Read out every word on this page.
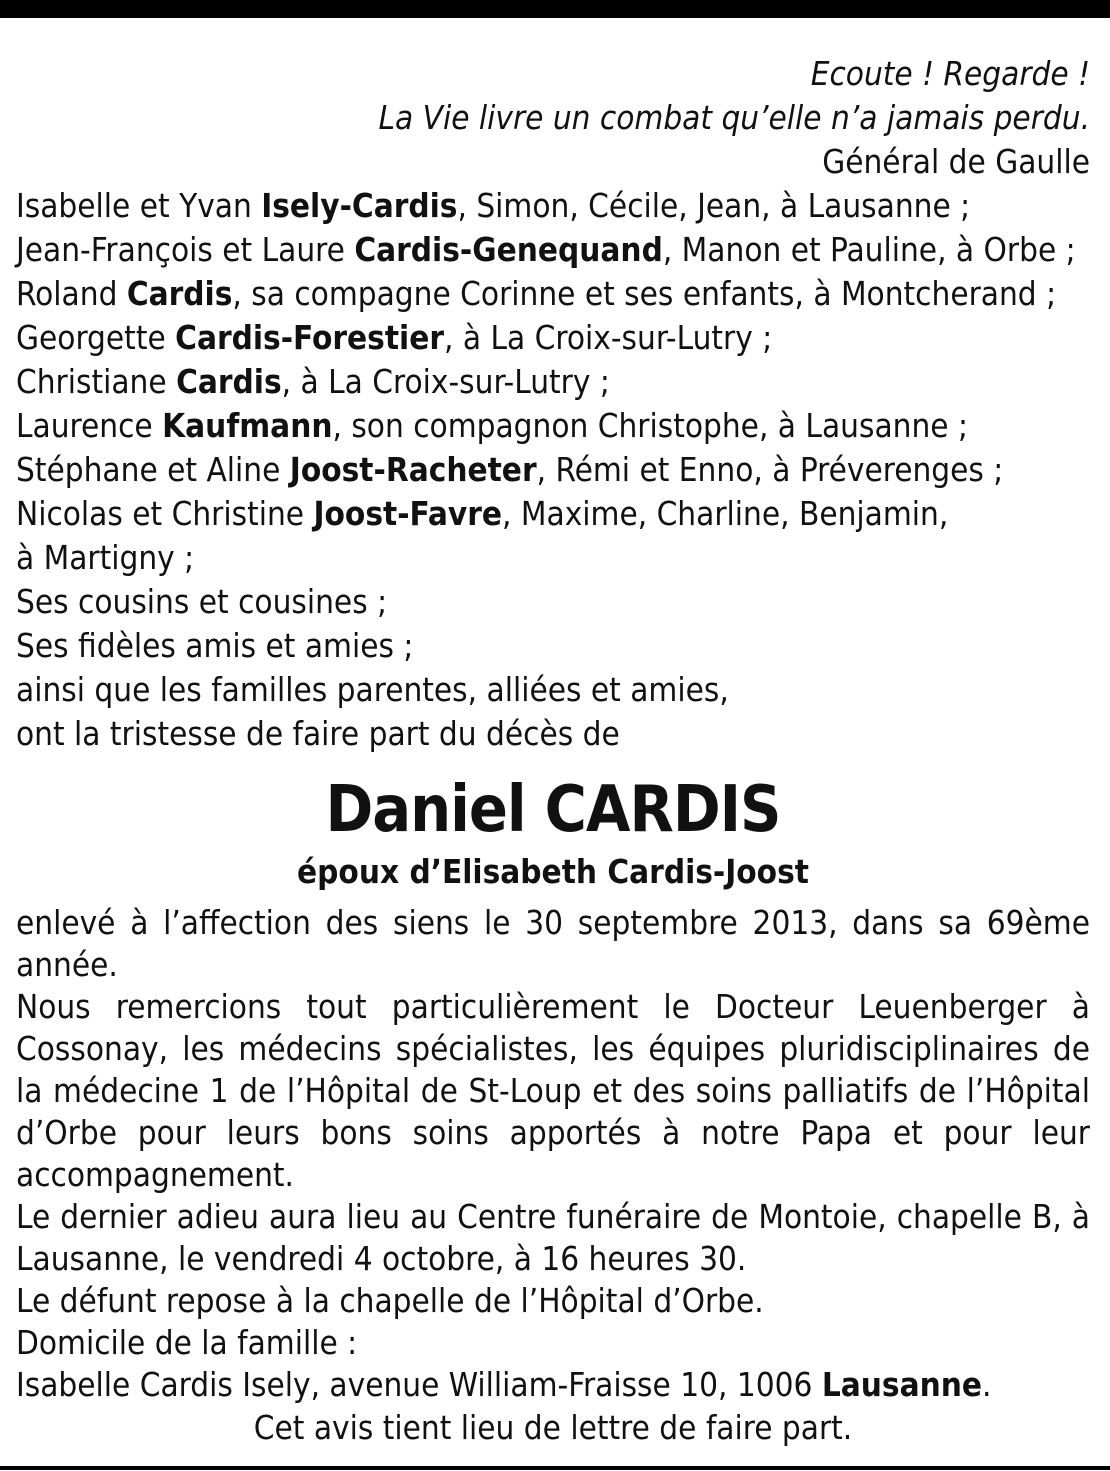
Ecoute ! Regarde !
La Vie livre un combat qu’elle n’a jamais perdu.
Général de Gaulle
Isabelle et Yvan Isely-Cardis, Simon, Cécile, Jean, à Lausanne ;
Jean-François et Laure Cardis-Genequand, Manon et Pauline, à Orbe ;
Roland Cardis, sa compagne Corinne et ses enfants, à Montcherand ;
Georgette Cardis-Forestier, à La Croix-sur-Lutry ;
Christiane Cardis, à La Croix-sur-Lutry ;
Laurence Kaufmann, son compagnon Christophe, à Lausanne ;
Stéphane et Aline Joost-Racheter, Rémi et Enno, à Préverenges ;
Nicolas et Christine Joost-Favre, Maxime, Charline, Benjamin,
à Martigny ;
Ses cousins et cousines ;
Ses fidèles amis et amies ;
ainsi que les familles parentes, alliées et amies,
ont la tristesse de faire part du décès de
Daniel CARDIS
époux d’Elisabeth Cardis-Joost
enlevé à l’affection des siens le 30 septembre 2013, dans sa 69ème année.
Nous remercions tout particulièrement le Docteur Leuenberger à Cossonay, les médecins spécialistes, les équipes pluridisciplinaires de la médecine 1 de l’Hôpital de St-Loup et des soins palliatifs de l’Hôpital d’Orbe pour leurs bons soins apportés à notre Papa et pour leur accompagnement.
Le dernier adieu aura lieu au Centre funéraire de Montoie, chapelle B, à Lausanne, le vendredi 4 octobre, à 16 heures 30.
Le défunt repose à la chapelle de l’Hôpital d’Orbe.
Domicile de la famille :
Isabelle Cardis Isely, avenue William-Fraisse 10, 1006 Lausanne.
Cet avis tient lieu de lettre de faire part.
